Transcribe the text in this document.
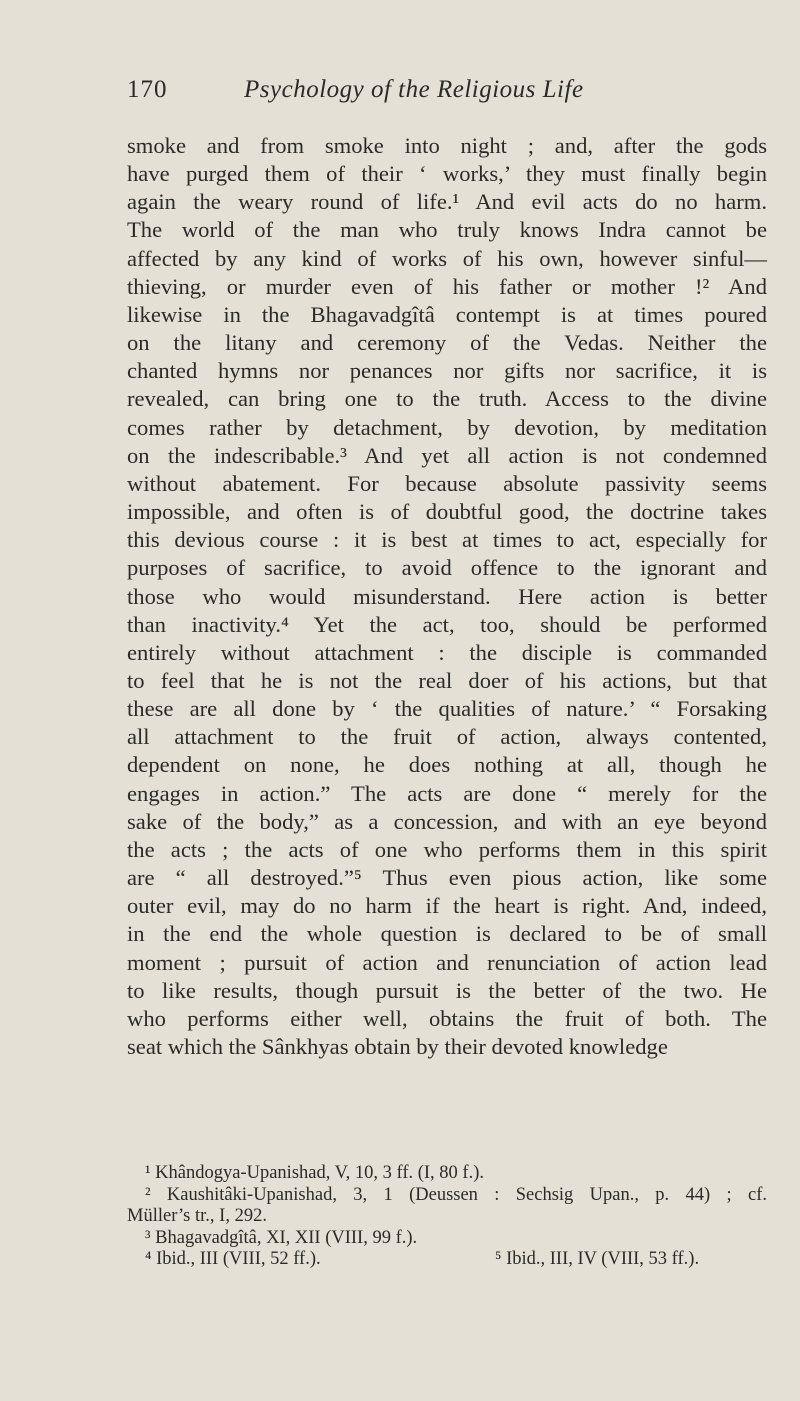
170	Psychology of the Religious Life
smoke and from smoke into night ; and, after the gods
have purged them of their ‘ works,’ they must finally begin
again the weary round of life.¹ And evil acts do no harm.
The world of the man who truly knows Indra cannot be
affected by any kind of works of his own, however sinful—
thieving, or murder even of his father or mother !² And
likewise in the Bhagavadgîtâ contempt is at times poured
on the litany and ceremony of the Vedas. Neither the
chanted hymns nor penances nor gifts nor sacrifice, it is
revealed, can bring one to the truth. Access to the divine
comes rather by detachment, by devotion, by meditation
on the indescribable.³ And yet all action is not condemned
without abatement. For because absolute passivity seems
impossible, and often is of doubtful good, the doctrine takes
this devious course : it is best at times to act, especially for
purposes of sacrifice, to avoid offence to the ignorant and
those who would misunderstand. Here action is better
than inactivity.⁴ Yet the act, too, should be performed
entirely without attachment : the disciple is commanded
to feel that he is not the real doer of his actions, but that
these are all done by ‘ the qualities of nature.’ “ Forsaking
all attachment to the fruit of action, always contented,
dependent on none, he does nothing at all, though he
engages in action.” The acts are done “ merely for the
sake of the body,” as a concession, and with an eye beyond
the acts ; the acts of one who performs them in this spirit
are “ all destroyed.”⁵ Thus even pious action, like some
outer evil, may do no harm if the heart is right. And, indeed,
in the end the whole question is declared to be of small
moment ; pursuit of action and renunciation of action lead
to like results, though pursuit is the better of the two. He
who performs either well, obtains the fruit of both. The
seat which the Sânkhyas obtain by their devoted knowledge
¹ Khândogya-Upanishad, V, 10, 3 ff. (I, 80 f.).
² Kaushitâki-Upanishad, 3, 1 (Deussen : Sechsig Upan., p. 44) ; cf.
Müller’s tr., I, 292.
³ Bhagavadgîtâ, XI, XII (VIII, 99 f.).
⁴ Ibid., III (VIII, 52 ff.).	⁵ Ibid., III, IV (VIII, 53 ff.).
